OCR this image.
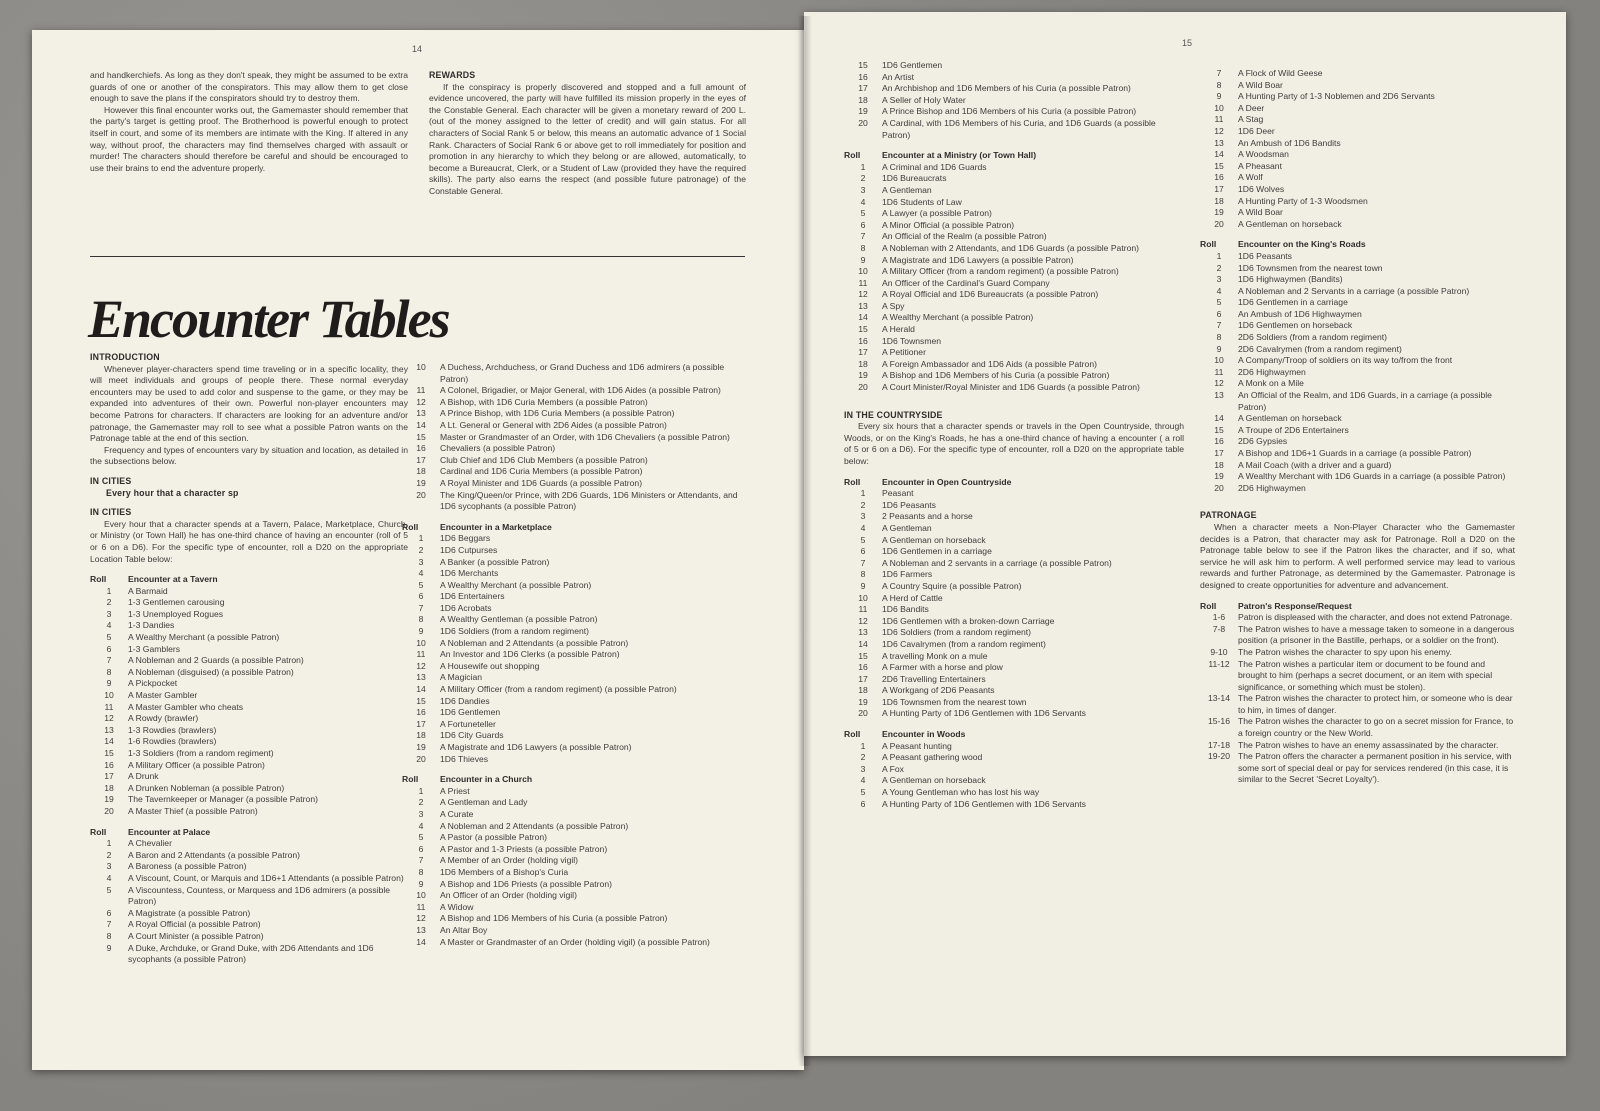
14

and handkerchiefs. As long as they don't speak, they might be assumed to be extra guards of one or another of the conspirators. This may allow them to get close enough to save the plans if the conspirators should try to destroy them.

However this final encounter works out, the Gamemaster should remember that the party's target is getting proof. The Brotherhood is powerful enough to protect itself in court, and some of its members are intimate with the King. If altered in any way, without proof, the characters may find themselves charged with assault or murder! The characters should therefore be careful and should be encouraged to use their brains to end the adventure properly.

REWARDS

If the conspiracy is properly discovered and stopped and a full amount of evidence uncovered, the party will have fulfilled its mission properly in the eyes of the Constable General. Each character will be given a monetary reward of 200 L. (out of the money assigned to the letter of credit) and will gain status. For all characters of Social Rank 5 or below, this means an automatic advance of 1 Social Rank. Characters of Social Rank 6 or above get to roll immediately for position and promotion in any hierarchy to which they belong or are allowed, automatically, to become a Bureaucrat, Clerk, or a Student of Law (provided they have the required skills). The party also earns the respect (and possible future patronage) of the Constable General.

Encounter Tables

INTRODUCTION

Whenever player-characters spend time traveling or in a specific locality, they will meet individuals and groups of people there. These normal everyday encounters may be used to add color and suspense to the game, or they may be expanded into adventures of their own. Powerful non-player encounters may become Patrons for characters. If characters are looking for an adventure and/or patronage, the Gamemaster may roll to see what a possible Patron wants on the Patronage table at the end of this section.

Frequency and types of encounters vary by situation and location, as detailed in the subsections below.

IN CITIES

Every hour that a character sp

IN CITIES

Every hour that a character spends at a Tavern, Palace, Marketplace, Church, or Ministry (or Town Hall) he has one-third chance of having an encounter (roll of 5 or 6 on a D6). For the specific type of encounter, roll a D20 on the appropriate Location Table below:

Roll	Encounter at a Tavern
1	A Barmaid
2	1-3 Gentlemen carousing
3	1-3 Unemployed Rogues
4	1-3 Dandies
5	A Wealthy Merchant (a possible Patron)
6	1-3 Gamblers
7	A Nobleman and 2 Guards (a possible Patron)
8	A Nobleman (disguised) (a possible Patron)
9	A Pickpocket
10	A Master Gambler
11	A Master Gambler who cheats
12	A Rowdy (brawler)
13	1-3 Rowdies (brawlers)
14	1-6 Rowdies (brawlers)
15	1-3 Soldiers (from a random regiment)
16	A Military Officer (a possible Patron)
17	A Drunk
18	A Drunken Nobleman (a possible Patron)
19	The Tavernkeeper or Manager (a possible Patron)
20	A Master Thief (a possible Patron)
Roll	Encounter at Palace
1	A Chevalier
2	A Baron and 2 Attendants (a possible Patron)
3	A Baroness (a possible Patron)
4	A Viscount, Count, or Marquis and 1D6+1 Attendants (a possible Patron)
5	A Viscountess, Countess, or Marquess and 1D6 admirers (a possible Patron)
6	A Magistrate (a possible Patron)
7	A Royal Official (a possible Patron)
8	A Court Minister (a possible Patron)
9	A Duke, Archduke, or Grand Duke, with 2D6 Attendants and 1D6 sycophants (a possible Patron)
10	A Duchess, Archduchess, or Grand Duchess and 1D6 admirers (a possible Patron)
11	A Colonel, Brigadier, or Major General, with 1D6 Aides (a possible Patron)
12	A Bishop, with 1D6 Curia Members (a possible Patron)
13	A Prince Bishop, with 1D6 Curia Members (a possible Patron)
14	A Lt. General or General with 2D6 Aides (a possible Patron)
15	Master or Grandmaster of an Order, with 1D6 Chevaliers (a possible Patron)
16	Chevaliers (a possible Patron)
17	Club Chief and 1D6 Club Members (a possible Patron)
18	Cardinal and 1D6 Curia Members (a possible Patron)
19	A Royal Minister and 1D6 Guards (a possible Patron)
20	The King/Queen/or Prince, with 2D6 Guards, 1D6 Ministers or Attendants, and 1D6 sycophants (a possible Patron)
Roll	Encounter in a Marketplace
1	1D6 Beggars
2	1D6 Cutpurses
3	A Banker (a possible Patron)
4	1D6 Merchants
5	A Wealthy Merchant (a possible Patron)
6	1D6 Entertainers
7	1D6 Acrobats
8	A Wealthy Gentleman (a possible Patron)
9	1D6 Soldiers (from a random regiment)
10	A Nobleman and 2 Attendants (a possible Patron)
11	An Investor and 1D6 Clerks (a possible Patron)
12	A Housewife out shopping
13	A Magician
14	A Military Officer (from a random regiment) (a possible Patron)
15	1D6 Dandies
16	1D6 Gentlemen
17	A Fortuneteller
18	1D6 City Guards
19	A Magistrate and 1D6 Lawyers (a possible Patron)
20	1D6 Thieves
Roll	Encounter in a Church
1	A Priest
2	A Gentleman and Lady
3	A Curate
4	A Nobleman and 2 Attendants (a possible Patron)
5	A Pastor (a possible Patron)
6	A Pastor and 1-3 Priests (a possible Patron)
7	A Member of an Order (holding vigil)
8	1D6 Members of a Bishop's Curia
9	A Bishop and 1D6 Priests (a possible Patron)
10	An Officer of an Order (holding vigil)
11	A Widow
12	A Bishop and 1D6 Members of his Curia (a possible Patron)
13	An Altar Boy
14	A Master or Grandmaster of an Order (holding vigil) (a possible Patron)
15
15	1D6 Gentlemen
16	An Artist
17	An Archbishop and 1D6 Members of his Curia (a possible Patron)
18	A Seller of Holy Water
19	A Prince Bishop and 1D6 Members of his Curia (a possible Patron)
20	A Cardinal, with 1D6 Members of his Curia, and 1D6 Guards (a possible Patron)
Roll	Encounter at a Ministry (or Town Hall)
1	A Criminal and 1D6 Guards
2	1D6 Bureaucrats
3	A Gentleman
4	1D6 Students of Law
5	A Lawyer (a possible Patron)
6	A Minor Official (a possible Patron)
7	An Official of the Realm (a possible Patron)
8	A Nobleman with 2 Attendants, and 1D6 Guards (a possible Patron)
9	A Magistrate and 1D6 Lawyers (a possible Patron)
10	A Military Officer (from a random regiment) (a possible Patron)
11	An Officer of the Cardinal's Guard Company
12	A Royal Official and 1D6 Bureaucrats (a possible Patron)
13	A Spy
14	A Wealthy Merchant (a possible Patron)
15	A Herald
16	1D6 Townsmen
17	A Petitioner
18	A Foreign Ambassador and 1D6 Aids (a possible Patron)
19	A Bishop and 1D6 Members of his Curia (a possible Patron)
20	A Court Minister/Royal Minister and 1D6 Guards (a possible Patron)

IN THE COUNTRYSIDE

Every six hours that a character spends or travels in the Open Countryside, through Woods, or on the King's Roads, he has a one-third chance of having a encounter ( a roll of 5 or 6 on a D6). For the specific type of encounter, roll a D20 on the appropriate table below:

Roll	Encounter in Open Countryside
1	Peasant
2	1D6 Peasants
3	2 Peasants and a horse
4	A Gentleman
5	A Gentleman on horseback
6	1D6 Gentlemen in a carriage
7	A Nobleman and 2 servants in a carriage (a possible Patron)
8	1D6 Farmers
9	A Country Squire (a possible Patron)
10	A Herd of Cattle
11	1D6 Bandits
12	1D6 Gentlemen with a broken-down Carriage
13	1D6 Soldiers (from a random regiment)
14	1D6 Cavalrymen (from a random regiment)
15	A travelling Monk on a mule
16	A Farmer with a horse and plow
17	2D6 Travelling Entertainers
18	A Workgang of 2D6 Peasants
19	1D6 Townsmen from the nearest town
20	A Hunting Party of 1D6 Gentlemen with 1D6 Servants
Roll	Encounter in Woods
1	A Peasant hunting
2	A Peasant gathering wood
3	A Fox
4	A Gentleman on horseback
5	A Young Gentleman who has lost his way
6	A Hunting Party of 1D6 Gentlemen with 1D6 Servants
7	A Flock of Wild Geese
8	A Wild Boar
9	A Hunting Party of 1-3 Noblemen and 2D6 Servants
10	A Deer
11	A Stag
12	1D6 Deer
13	An Ambush of 1D6 Bandits
14	A Woodsman
15	A Pheasant
16	A Wolf
17	1D6 Wolves
18	A Hunting Party of 1-3 Woodsmen
19	A Wild Boar
20	A Gentleman on horseback
Roll	Encounter on the King's Roads
1	1D6 Peasants
2	1D6 Townsmen from the nearest town
3	1D6 Highwaymen (Bandits)
4	A Nobleman and 2 Servants in a carriage (a possible Patron)
5	1D6 Gentlemen in a carriage
6	An Ambush of 1D6 Highwaymen
7	1D6 Gentlemen on horseback
8	2D6 Soldiers (from a random regiment)
9	2D6 Cavalrymen (from a random regiment)
10	A Company/Troop of soldiers on its way to/from the front
11	2D6 Highwaymen
12	A Monk on a Mile
13	An Official of the Realm, and 1D6 Guards, in a carriage (a possible Patron)
14	A Gentleman on horseback
15	A Troupe of 2D6 Entertainers
16	2D6 Gypsies
17	A Bishop and 1D6+1 Guards in a carriage (a possible Patron)
18	A Mail Coach (with a driver and a guard)
19	A Wealthy Merchant with 1D6 Guards in a carriage (a possible Patron)
20	2D6 Highwaymen

PATRONAGE

When a character meets a Non-Player Character who the Gamemaster decides is a Patron, that character may ask for Patronage. Roll a D20 on the Patronage table below to see if the Patron likes the character, and if so, what service he will ask him to perform. A well performed service may lead to various rewards and further Patronage, as determined by the Gamemaster. Patronage is designed to create opportunities for adventure and advancement.

Roll	Patron's Response/Request
1-6	Patron is displeased with the character, and does not extend Patronage.
7-8	The Patron wishes to have a message taken to someone in a dangerous position (a prisoner in the Bastille, perhaps, or a soldier on the front).
9-10	The Patron wishes the character to spy upon his enemy.
11-12 The Patron wishes a particular item or document to be found and brought to him (perhaps a secret document, or an item with special significance, or something which must be stolen).
13-14 The Patron wishes the character to protect him, or someone who is dear to him, in times of danger.
15-16 The Patron wishes the character to go on a secret mission for France, to a foreign country or the New World.
17-18 The Patron wishes to have an enemy assassinated by the character.
19-20 The Patron offers the character a permanent position in his service, with some sort of special deal or pay for services rendered (in this case, it is similar to the Secret 'Secret Loyalty').
